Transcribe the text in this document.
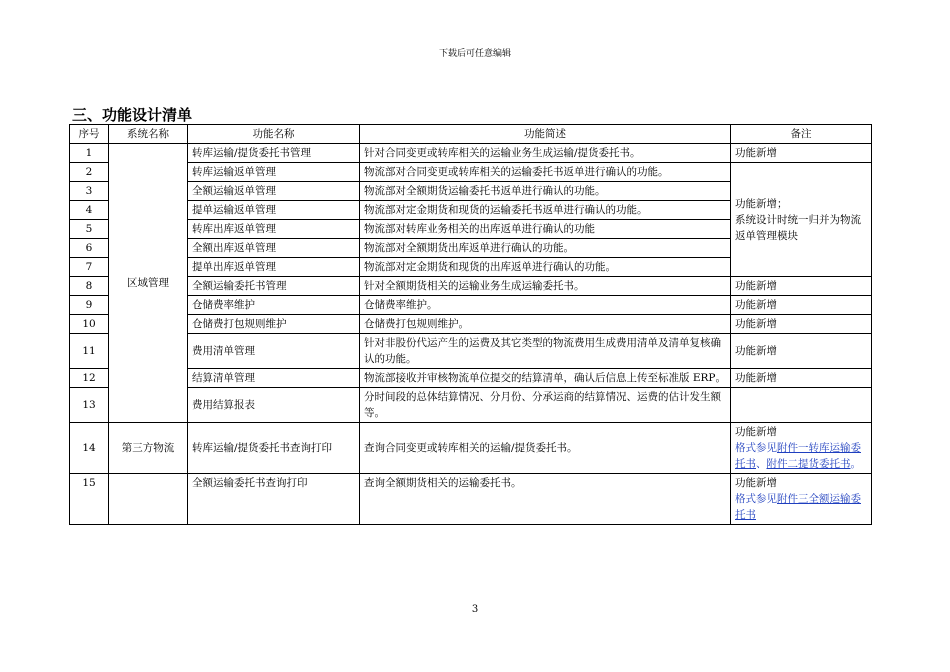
下载后可任意编辑
三、功能设计清单
序号	系统名称	功能名称	功能简述	备注
1	区域管理	转库运输/提货委托书管理	针对合同变更或转库相关的运输业务生成运输/提货委托书。	功能新增
2		转库运输返单管理	物流部对合同变更或转库相关的运输委托书返单进行确认的功能。	功能新增；
系统设计时统一归并为物流返单管理模块

3		全额运输返单管理	物流部对全额期货运输委托书返单进行确认的功能。	
4		提单运输返单管理	物流部对定金期货和现货的运输委托书返单进行确认的功能。	
5		转库出库返单管理	物流部对转库业务相关的出库返单进行确认的功能	
6		全额出库返单管理	物流部对全额期货出库返单进行确认的功能。	
7		提单出库返单管理	物流部对定金期货和现货的出库返单进行确认的功能。	
8		全额运输委托书管理	针对全额期货相关的运输业务生成运输委托书。	功能新增
9		仓储费率维护	仓储费率维护。	功能新增
10		仓储费打包规则维护	仓储费打包规则维护。	功能新增
11		费用清单管理	针对非股份代运产生的运费及其它类型的物流费用生成费用清单及清单复核确认的功能。	功能新增
12		结算清单管理	物流部接收并审核物流单位提交的结算清单，确认后信息上传至标准版 ERP。	功能新增
13		费用结算报表	分时间段的总体结算情况、分月份、分承运商的结算情况、运费的估计发生额等。	
14	第三方物流	转库运输/提货委托书查询打印	查询合同变更或转库相关的运输/提货委托书。	功能新增
格式参见附件一转库运输委托书、附件二提货委托书。

15		全额运输委托书查询打印	查询全额期货相关的运输委托书。	功能新增
格式参见附件三全额运输委托书
3
